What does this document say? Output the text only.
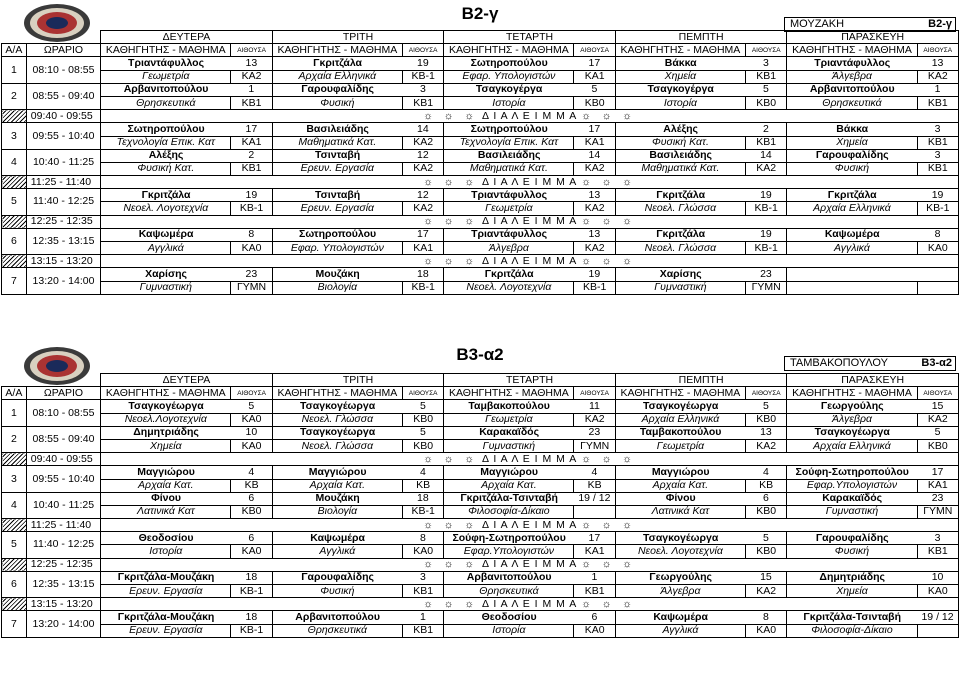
Β2-γ
ΜΟΥΖΑΚΗ	Β2-γ
		ΔΕΥΤΕΡΑ		ΤΡΙΤΗ		ΤΕΤΑΡΤΗ		ΠΕΜΠΤΗ		ΠΑΡΑΣΚΕΥΗ	
Α/Α	ΩΡΑΡΙΟ	ΚΑΘΗΓΗΤΗΣ - ΜΑΘΗΜΑ	ΑΙΘΟΥΣΑ	ΚΑΘΗΓΗΤΗΣ - ΜΑΘΗΜΑ	ΑΙΘΟΥΣΑ	ΚΑΘΗΓΗΤΗΣ - ΜΑΘΗΜΑ	ΑΙΘΟΥΣΑ	ΚΑΘΗΓΗΤΗΣ - ΜΑΘΗΜΑ	ΑΙΘΟΥΣΑ	ΚΑΘΗΓΗΤΗΣ - ΜΑΘΗΜΑ	ΑΙΘΟΥΣΑ
1	08:10 - 08:55	Τριαντάφυλλος	13	Γκριτζάλα	19	Σωτηροπούλου	17	Βάκκα	3	Τριαντάφυλλος	13
		Γεωμετρία	ΚΑ2	Αρχαία Ελληνικά	ΚΒ-1	Εφαρ. Υπολογιστών	ΚΑ1	Χημεία	ΚΒ1	Άλγεβρα	ΚΑ2
2	08:55 - 09:40	Αρβανιτοπούλου	1	Γαρουφαλίδης	3	Τσαγκογέργα	5	Τσαγκογέργα	5	Αρβανιτοπούλου	1
		Θρησκευτικά	ΚΒ1	Φυσική	ΚΒ1	Ιστορία	ΚΒ0	Ιστορία	ΚΒ0	Θρησκευτικά	ΚΒ1
	09:40 - 09:55	☼ ☼ ☼ Δ Ι Α Λ Ε Ι Μ Μ Α ☼ ☼ ☼									
3	09:55 - 10:40	Σωτηροπούλου	17	Βασιλειάδης	14	Σωτηροπούλου	17	Αλέξης	2	Βάκκα	3
		Τεχνολογία Επικ. Κατ	ΚΑ1	Μαθηματικά Κατ.	ΚΑ2	Τεχνολογία Επικ. Κατ	ΚΑ1	Φυσική Κατ.	ΚΒ1	Χημεία	ΚΒ1
4	10:40 - 11:25	Αλέξης	2	Τσινταβή	12	Βασιλειάδης	14	Βασιλειάδης	14	Γαρουφαλίδης	3
		Φυσική Κατ.	ΚΒ1	Ερευν. Εργασία	ΚΑ2	Μαθηματικά Κατ.	ΚΑ2	Μαθηματικά Κατ.	ΚΑ2	Φυσική	ΚΒ1
	11:25 - 11:40	☼ ☼ ☼ Δ Ι Α Λ Ε Ι Μ Μ Α ☼ ☼ ☼									
5	11:40 - 12:25	Γκριτζάλα	19	Τσινταβή	12	Τριαντάφυλλος	13	Γκριτζάλα	19	Γκριτζάλα	19
		Νεοελ. Λογοτεχνία	ΚΒ-1	Ερευν. Εργασία	ΚΑ2	Γεωμετρία	ΚΑ2	Νεοελ. Γλώσσα	ΚΒ-1	Αρχαία Ελληνικά	ΚΒ-1
	12:25 - 12:35	☼ ☼ ☼ Δ Ι Α Λ Ε Ι Μ Μ Α ☼ ☼ ☼									
6	12:35 - 13:15	Καψωμέρα	8	Σωτηροπούλου	17	Τριαντάφυλλος	13	Γκριτζάλα	19	Καψωμέρα	8
		Αγγλικά	ΚΑ0	Εφαρ. Υπολογιστών	ΚΑ1	Άλγεβρα	ΚΑ2	Νεοελ. Γλώσσα	ΚΒ-1	Αγγλικά	ΚΑ0
	13:15 - 13:20	☼ ☼ ☼ Δ Ι Α Λ Ε Ι Μ Μ Α ☼ ☼ ☼									
7	13:20 - 14:00	Χαρίσης	23	Μουζάκη	18	Γκριτζάλα	19	Χαρίσης	23		
		Γυμναστική	ΓΥΜΝ	Βιολογία	ΚΒ-1	Νεοελ. Λογοτεχνία	ΚΒ-1	Γυμναστική	ΓΥΜΝ		
Β3-α2	ΤΑΜΒΑΚΟΠΟΥΛΟΥ	Β3-α2
		ΔΕΥΤΕΡΑ		ΤΡΙΤΗ		ΤΕΤΑΡΤΗ		ΠΕΜΠΤΗ		ΠΑΡΑΣΚΕΥΗ	
Α/Α	ΩΡΑΡΙΟ	ΚΑΘΗΓΗΤΗΣ - ΜΑΘΗΜΑ	ΑΙΘΟΥΣΑ	ΚΑΘΗΓΗΤΗΣ - ΜΑΘΗΜΑ	ΑΙΘΟΥΣΑ	ΚΑΘΗΓΗΤΗΣ - ΜΑΘΗΜΑ	ΑΙΘΟΥΣΑ	ΚΑΘΗΓΗΤΗΣ - ΜΑΘΗΜΑ	ΑΙΘΟΥΣΑ	ΚΑΘΗΓΗΤΗΣ - ΜΑΘΗΜΑ	ΑΙΘΟΥΣΑ
1	08:10 - 08:55	Τσαγκογέωργα	5	Τσαγκογέωργα	5	Ταμβακοπούλου	11	Τσαγκογέωργα	5	Γεωργούλης	15
		Νεοελ.Λογοτεχνία	ΚΑ0	Νεοελ. Γλώσσα	ΚΒ0	Γεωμετρία	ΚΑ2	Αρχαία Ελληνικά	ΚΒ0	Άλγεβρα	ΚΑ2
2	08:55 - 09:40	Δημητριάδης	10	Τσαγκογέωργα	5	Καρακαϊδός	23	Ταμβακοπούλου	13	Τσαγκογέωργα	5
		Χημεία	ΚΑ0	Νεοελ. Γλώσσα	ΚΒ0	Γυμναστική	ΓΥΜΝ	Γεωμετρία	ΚΑ2	Αρχαία Ελληνικά	ΚΒ0
	09:40 - 09:55	☼ ☼ ☼ Δ Ι Α Λ Ε Ι Μ Μ Α ☼ ☼ ☼									
3	09:55 - 10:40	Μαγγιώρου	4	Μαγγιώρου	4	Μαγγιώρου	4	Μαγγιώρου	4	Σούφη-Σωτηροπούλου	17
		Αρχαία Κατ.	ΚΒ	Αρχαία Κατ.	ΚΒ	Αρχαία Κατ.	ΚΒ	Αρχαία Κατ.	ΚΒ	Εφαρ.Υπολογιστών	ΚΑ1
4	10:40 - 11:25	Φίνου	6	Μουζάκη	18	Γκριτζάλα-Τσινταβή	19 / 12	Φίνου	6	Καρακαϊδός	23
		Λατινικά Κατ	ΚΒ0	Βιολογία	ΚΒ-1	Φιλοσοφία-Δίκαιο		Λατινικά Κατ	ΚΒ0	Γυμναστική	ΓΥΜΝ
	11:25 - 11:40	☼ ☼ ☼ Δ Ι Α Λ Ε Ι Μ Μ Α ☼ ☼ ☼									
5	11:40 - 12:25	Θεοδοσίου	6	Καψωμέρα	8	Σούφη-Σωτηροπούλου	17	Τσαγκογέωργα	5	Γαρουφαλίδης	3
		Ιστορία	ΚΑ0	Αγγλικά	ΚΑ0	Εφαρ.Υπολογιστών	ΚΑ1	Νεοελ. Λογοτεχνία	ΚΒ0	Φυσική	ΚΒ1
	12:25 - 12:35	☼ ☼ ☼ Δ Ι Α Λ Ε Ι Μ Μ Α ☼ ☼ ☼									
6	12:35 - 13:15	Γκριτζάλα-Μουζάκη	18	Γαρουφαλίδης	3	Αρβανιτοπούλου	1	Γεωργούλης	15	Δημητριάδης	10
		Ερευν. Εργασία	ΚΒ-1	Φυσική	ΚΒ1	Θρησκευτικά	ΚΒ1	Άλγεβρα	ΚΑ2	Χημεία	ΚΑ0
	13:15 - 13:20	☼ ☼ ☼ Δ Ι Α Λ Ε Ι Μ Μ Α ☼ ☼ ☼									
7	13:20 - 14:00	Γκριτζάλα-Μουζάκη	18	Αρβανιτοπούλου	1	Θεοδοσίου	6	Καψωμέρα	8	Γκριτζάλα-Τσινταβή	19 / 12
		Ερευν. Εργασία	ΚΒ-1	Θρησκευτικά	ΚΒ1	Ιστορία	ΚΑ0	Αγγλικά	ΚΑ0	Φιλοσοφία-Δίκαιο	
